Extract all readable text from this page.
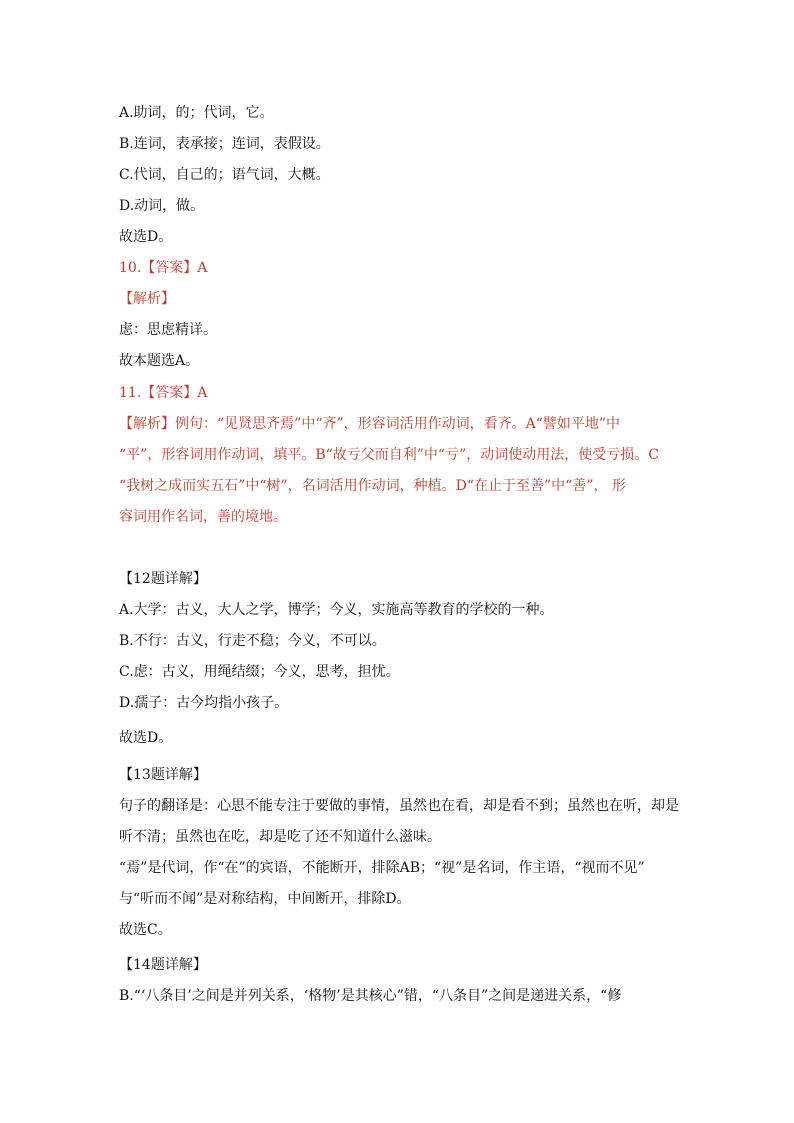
A.助词，的；代词，它。
B.连词，表承接；连词，表假设。
C.代词，自己的；语气词，大概。
D.动词，做。
故选D。
10.【答案】A
【解析】
虑：思虑精详。
故本题选A。
11.【答案】A
【解析】例句：“见贤思齐焉”中“齐”，形容词活用作动词，看齐。A“譬如平地”中
“平”，形容词用作动词，填平。B“故亏父而自利”中“亏”，动词使动用法，使受亏损。C
“我树之成而实五石”中“树”，名词活用作动词，种植。D“在止于至善”中“善”， 形
容词用作名词，善的境地。
【12题详解】
A.大学：古义，大人之学，博学；今义，实施高等教育的学校的一种。
B.不行：古义，行走不稳；今义，不可以。
C.虑：古义，用绳结缀；今义，思考，担忧。
D.孺子：古今均指小孩子。
故选D。
【13题详解】
句子的翻译是：心思不能专注于要做的事情，虽然也在看，却是看不到；虽然也在听，却是
听不清；虽然也在吃，却是吃了还不知道什么滋味。
“焉”是代词，作“在”的宾语，不能断开，排除AB；“视”是名词，作主语，“视而不见”
与“听而不闻”是对称结构，中间断开，排除D。
故选C。
【14题详解】
B.“‘八条目’之间是并列关系，‘格物’是其核心”错，“八条目”之间是递进关系，“修
